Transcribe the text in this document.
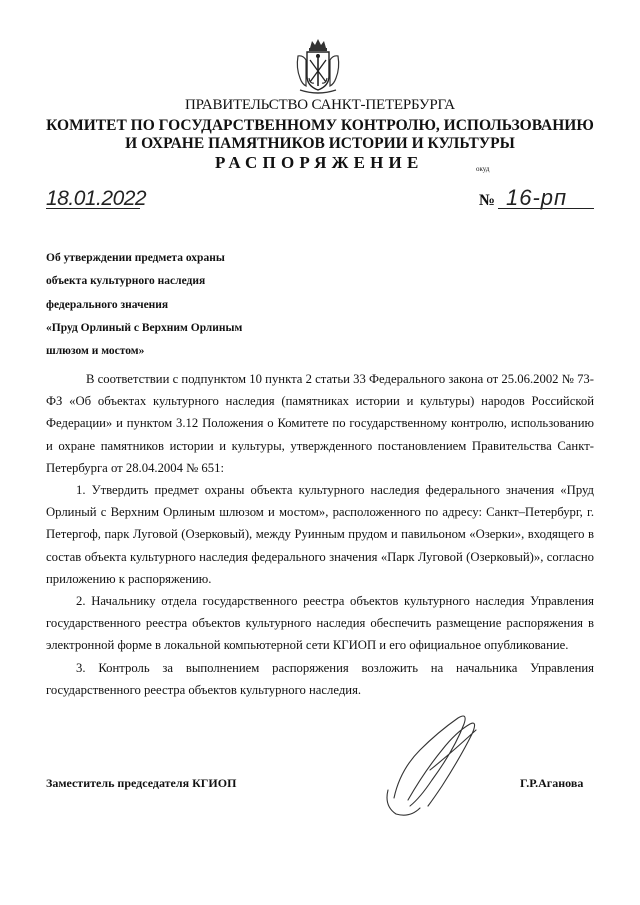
ПРАВИТЕЛЬСТВО САНКТ-ПЕТЕРБУРГА
КОМИТЕТ ПО ГОСУДАРСТВЕННОМУ КОНТРОЛЮ, ИСПОЛЬЗОВАНИЮ
И ОХРАНЕ ПАМЯТНИКОВ ИСТОРИИ И КУЛЬТУРЫ
РАСПОРЯЖЕНИЕ	окуд
18.01.2022	№ 16-рп
Об утверждении предмета охраны
объекта культурного наследия
федерального значения
«Пруд Орлиный с Верхним Орлиным
шлюзом и мостом»

В соответствии с подпунктом 10 пункта 2 статьи 33 Федерального закона от 25.06.2002 № 73-ФЗ «Об объектах культурного наследия (памятниках истории и культуры) народов Российской Федерации» и пунктом 3.12 Положения о Комитете по государственному контролю, использованию и охране памятников истории и культуры, утвержденного постановлением Правительства Санкт-Петербурга от 28.04.2004 № 651:

1. Утвердить предмет охраны объекта культурного наследия федерального значения «Пруд Орлиный с Верхним Орлиным шлюзом и мостом», расположенного по адресу: Санкт–Петербург, г. Петергоф, парк Луговой (Озерковый), между Руинным прудом и павильоном «Озерки», входящего в состав объекта культурного наследия федерального значения «Парк Луговой (Озерковый)», согласно приложению к распоряжению.

2. Начальнику отдела государственного реестра объектов культурного наследия Управления государственного реестра объектов культурного наследия обеспечить размещение распоряжения в электронной форме в локальной компьютерной сети КГИОП и его официальное опубликование.

3. Контроль за выполнением распоряжения возложить на начальника Управления государственного реестра объектов культурного наследия.

Заместитель председателя КГИОП	Г.Р.Аганова
